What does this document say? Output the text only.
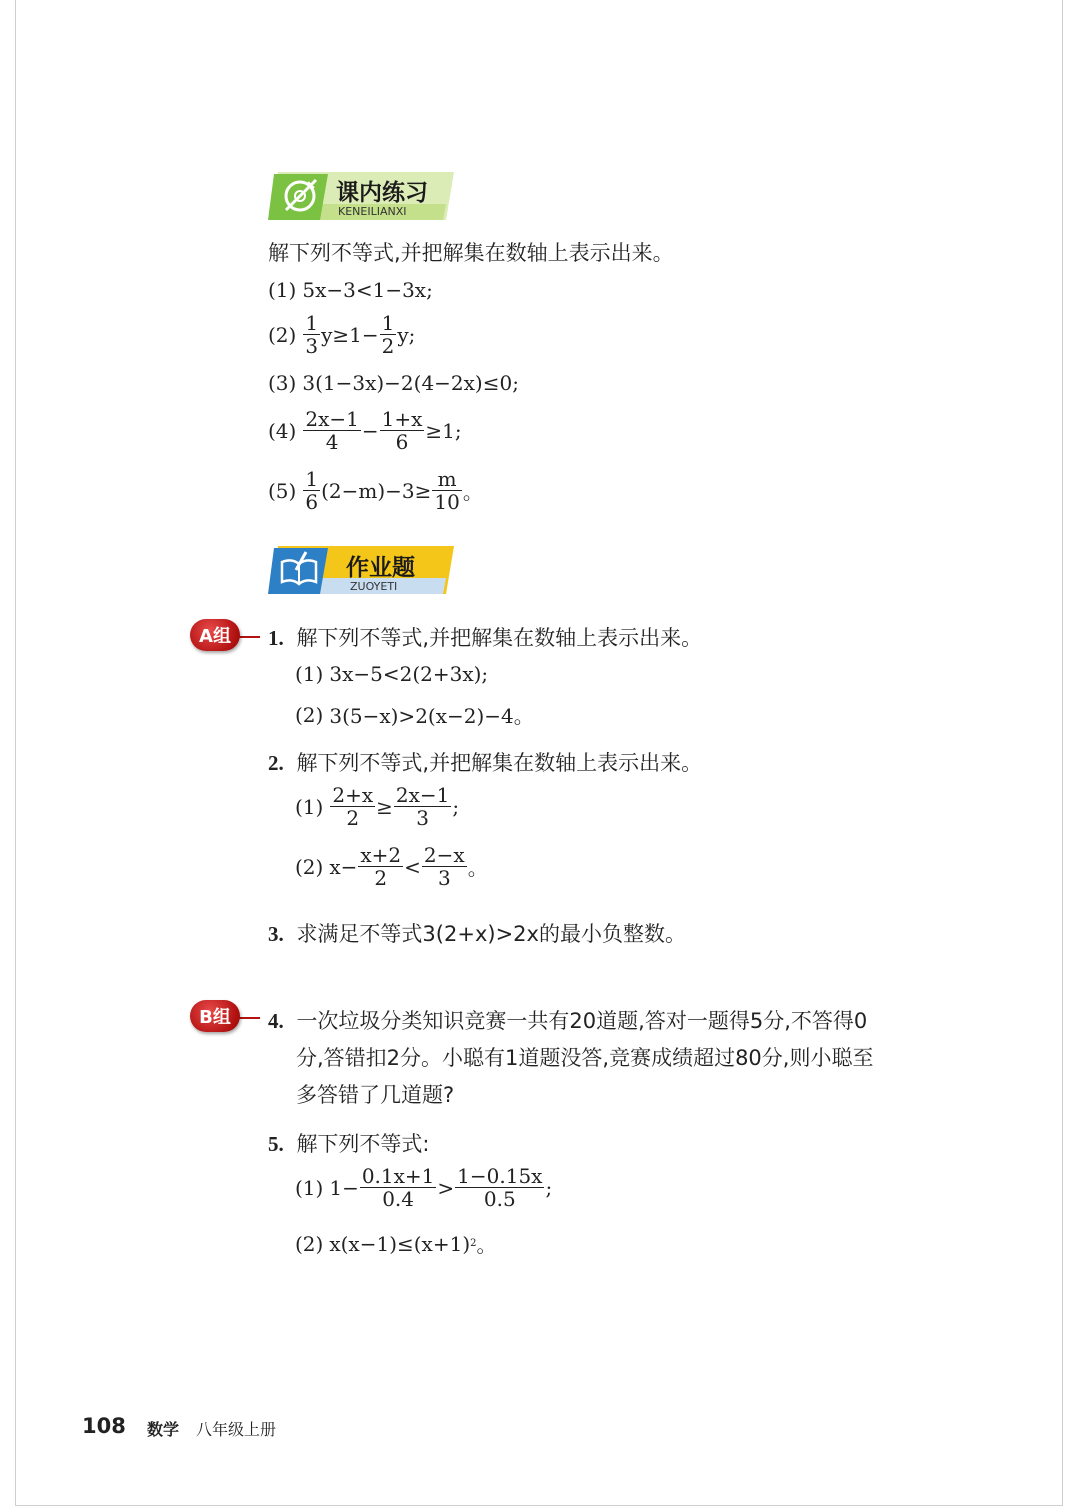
课内练习
KENEILIANXI
解下列不等式,并把解集在数轴上表示出来。
(1) 5x−3<1−3x;
$(2) \frac{1}{3} y\ge 1- \frac{1}{2} y$;
(3) 3(1−3x)−2(4−2x)≤0;
$(4) \frac{2x-1}{4} - \frac{1+x}{6} \ge 1$;
$(5) \frac{1}{6} (2-m)-3\ge \frac{m}{10}$ 。
作业题
ZUOYETI
A组	1. 解下列不等式,并把解集在数轴上表示出来。
(1) 3x−5<2(2+3x);
(2) 3(5−x)>2(x−2)−4。
2. 解下列不等式,并把解集在数轴上表示出来。
$(1) \frac{2+x}{2} \ge \frac{2x-1}{3}$ ;
(2) $x- \frac{x+2}{2} < \frac{2-x}{3}$ 。
3. 求满足不等式3(2+x)>2x的最小负整数。
B组	4. 一次垃圾分类知识竞赛一共有20道题,答对一题得5分,不答得0
分,答错扣2分。小聪有1道题没答,竞赛成绩超过80分,则小聪至
多答错了几道题?
5. 解下列不等式:
(1) $1- \frac{0.1x+1}{0.4} > \frac{1-0.15x}{0.5}$ ;
(2) x(x−1)≤(x+1) 2 。
108 数学 八年级上册
